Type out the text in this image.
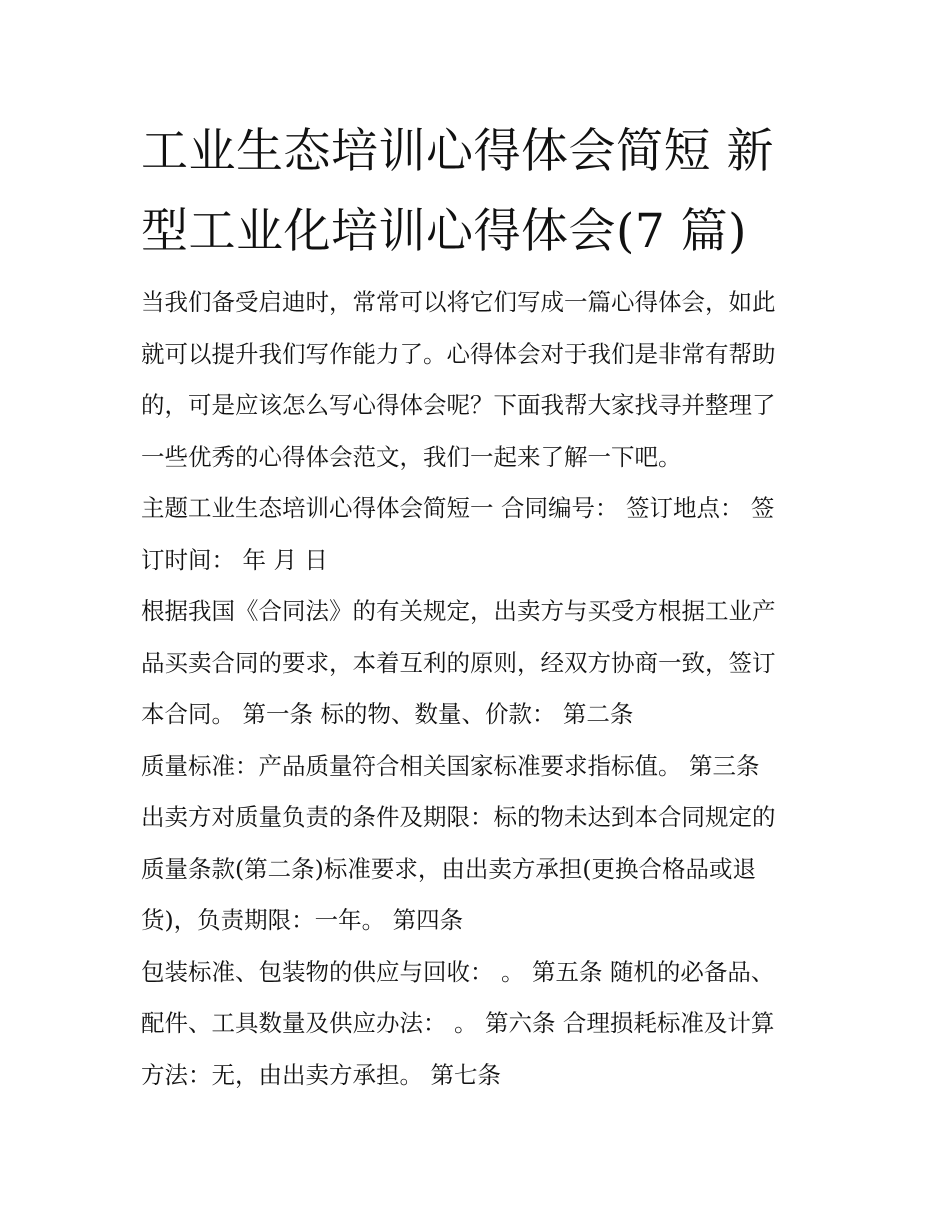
工业生态培训心得体会简短 新
型工业化培训心得体会(7 篇)

当我们备受启迪时，常常可以将它们写成一篇心得体会，如此
就可以提升我们写作能力了。心得体会对于我们是非常有帮助
的，可是应该怎么写心得体会呢？下面我帮大家找寻并整理了
一些优秀的心得体会范文，我们一起来了解一下吧。

主题工业生态培训心得体会简短一 合同编号： 签订地点： 签
订时间： 年 月 日

根据我国《合同法》的有关规定，出卖方与买受方根据工业产
品买卖合同的要求，本着互利的原则，经双方协商一致，签订
本合同。 第一条 标的物、数量、价款： 第二条

质量标准：产品质量符合相关国家标准要求指标值。 第三条
出卖方对质量负责的条件及期限：标的物未达到本合同规定的
质量条款(第二条)标准要求，由出卖方承担(更换合格品或退
货)，负责期限：一年。 第四条

包装标准、包装物的供应与回收： 。 第五条 随机的必备品、
配件、工具数量及供应办法： 。 第六条 合理损耗标准及计算
方法：无，由出卖方承担。 第七条
